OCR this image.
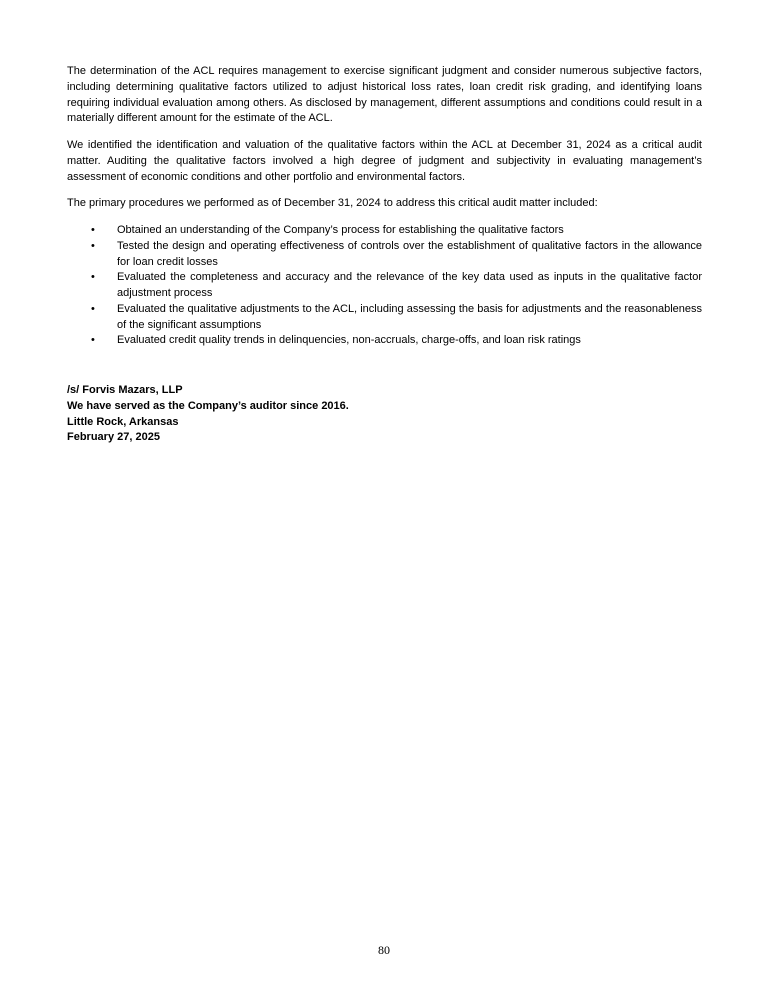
The determination of the ACL requires management to exercise significant judgment and consider numerous subjective factors, including determining qualitative factors utilized to adjust historical loss rates, loan credit risk grading, and identifying loans requiring individual evaluation among others. As disclosed by management, different assumptions and conditions could result in a materially different amount for the estimate of the ACL.

We identified the identification and valuation of the qualitative factors within the ACL at December 31, 2024 as a critical audit matter. Auditing the qualitative factors involved a high degree of judgment and subjectivity in evaluating management’s assessment of economic conditions and other portfolio and environmental factors.

The primary procedures we performed as of December 31, 2024 to address this critical audit matter included:

•	Obtained an understanding of the Company’s process for establishing the qualitative factors
•	Tested the design and operating effectiveness of controls over the establishment of qualitative factors in the allowance for loan credit losses
•	Evaluated the completeness and accuracy and the relevance of the key data used as inputs in the qualitative factor adjustment process
•	Evaluated the qualitative adjustments to the ACL, including assessing the basis for adjustments and the reasonableness of the significant assumptions
•	Evaluated credit quality trends in delinquencies, non-accruals, charge-offs, and loan risk ratings
/s/ Forvis Mazars, LLP
We have served as the Company’s auditor since 2016.
Little Rock, Arkansas
February 27, 2025
80
